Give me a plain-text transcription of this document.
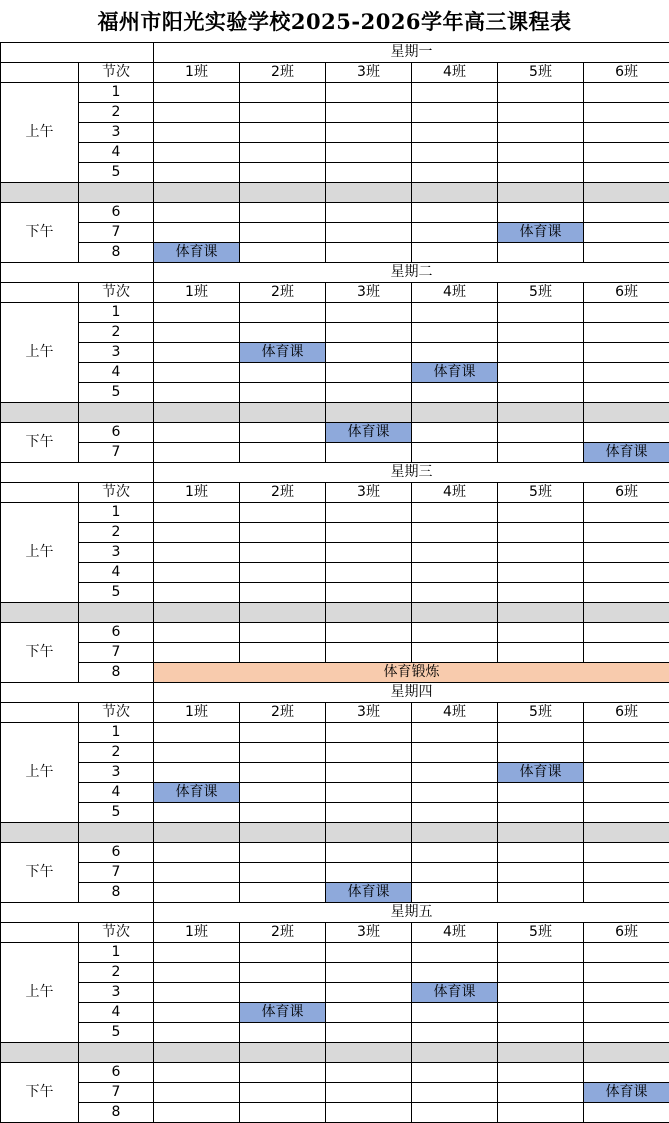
福州市阳光实验学校2025-2026学年高三课程表
		星期一					
	节次	1班	2班	3班	4班	5班	6班
上午	1						
	2						
	3						
	4						
	5						

下午	6						
	7					体育课	
	8	体育课					
		星期二					
	节次	1班	2班	3班	4班	5班	6班
上午	1						
	2						
	3		体育课				
	4				体育课		
	5						

下午	6			体育课			
	7						体育课
		星期三					
	节次	1班	2班	3班	4班	5班	6班
上午	1						
	2						
	3						
	4						
	5						

下午	6						
	7						
	8	体育锻炼					
		星期四					
	节次	1班	2班	3班	4班	5班	6班
上午	1						
	2						
	3					体育课	
	4	体育课					
	5						

下午	6						
	7						
	8			体育课			
		星期五					
	节次	1班	2班	3班	4班	5班	6班
上午	1						
	2						
	3				体育课		
	4		体育课				
	5						

下午	6						
	7						体育课
	8						
